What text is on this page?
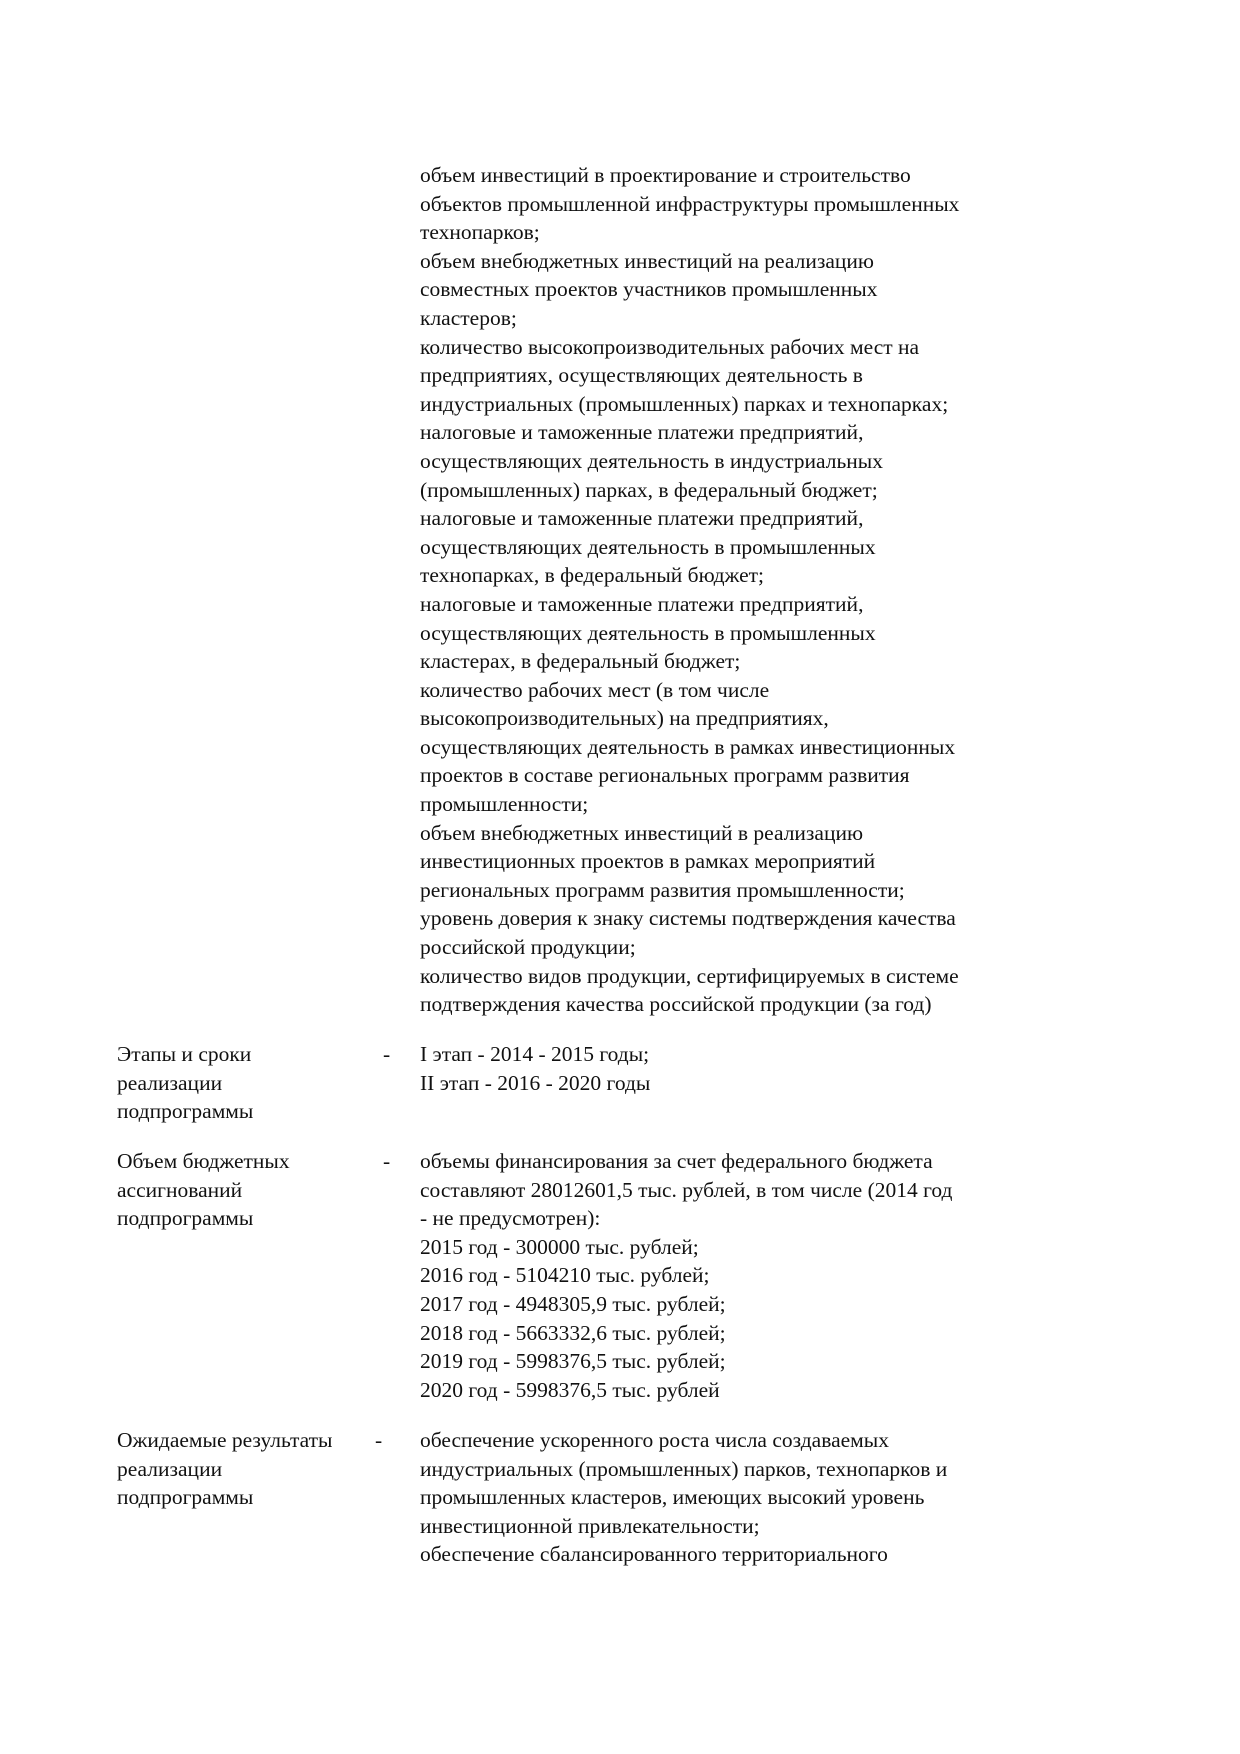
объем инвестиций в проектирование и строительство
объектов промышленной инфраструктуры промышленных
технопарков;
объем внебюджетных инвестиций на реализацию
совместных проектов участников промышленных
кластеров;
количество высокопроизводительных рабочих мест на
предприятиях, осуществляющих деятельность в
индустриальных (промышленных) парках и технопарках;
налоговые и таможенные платежи предприятий,
осуществляющих деятельность в индустриальных
(промышленных) парках, в федеральный бюджет;
налоговые и таможенные платежи предприятий,
осуществляющих деятельность в промышленных
технопарках, в федеральный бюджет;
налоговые и таможенные платежи предприятий,
осуществляющих деятельность в промышленных
кластерах, в федеральный бюджет;
количество рабочих мест (в том числе
высокопроизводительных) на предприятиях,
осуществляющих деятельность в рамках инвестиционных
проектов в составе региональных программ развития
промышленности;
объем внебюджетных инвестиций в реализацию
инвестиционных проектов в рамках мероприятий
региональных программ развития промышленности;
уровень доверия к знаку системы подтверждения качества
российской продукции;
количество видов продукции, сертифицируемых в системе
подтверждения качества российской продукции (за год)
Этапы и сроки
реализации
подпрограммы
- I этап - 2014 - 2015 годы;
II этап - 2016 - 2020 годы
Объем бюджетных
ассигнований
подпрограммы
- объемы финансирования за счет федерального бюджета
составляют 28012601,5 тыс. рублей, в том числе (2014 год
- не предусмотрен):
2015 год - 300000 тыс. рублей;
2016 год - 5104210 тыс. рублей;
2017 год - 4948305,9 тыс. рублей;
2018 год - 5663332,6 тыс. рублей;
2019 год - 5998376,5 тыс. рублей;
2020 год - 5998376,5 тыс. рублей
Ожидаемые результаты
реализации
подпрограммы
- обеспечение ускоренного роста числа создаваемых
индустриальных (промышленных) парков, технопарков и
промышленных кластеров, имеющих высокий уровень
инвестиционной привлекательности;
обеспечение сбалансированного территориального
